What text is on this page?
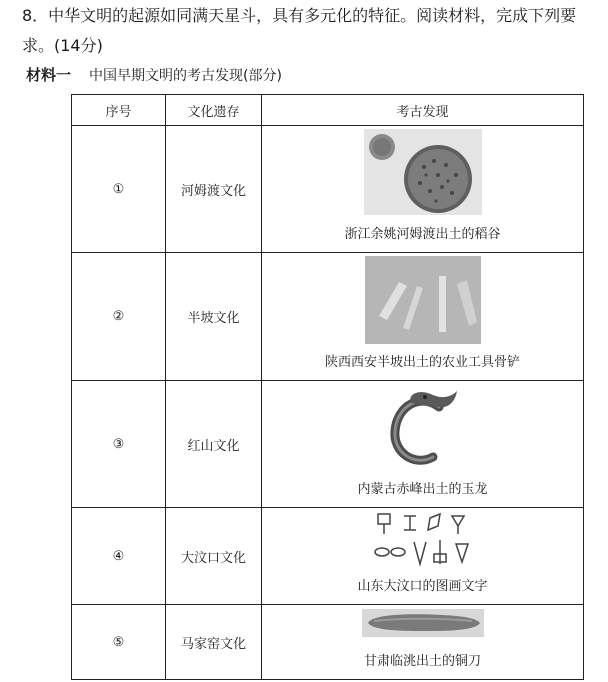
8．中华文明的起源如同满天星斗，具有多元化的特征。阅读材料，完成下列要
求。(14分)
材料一 中国早期文明的考古发现(部分)
序号	文化遗存	考古发现
①	河姆渡文化	浙江余姚河姆渡出土的稻谷

②	半坡文化	陕西西安半坡出土的农业工具骨铲

③	红山文化	内蒙古赤峰出土的玉龙

④	大汶口文化	山东大汶口的图画文字

⑤	马家窑文化	甘肃临洮出土的铜刀
